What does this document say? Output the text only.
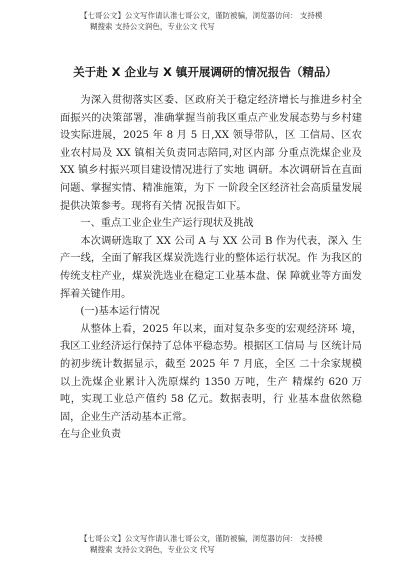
【七哥公文】公文写作请认准七哥公文，谨防被骗，浏览器访问： 支持模
糊搜索 支持公文润色，专业公文 代写
关于赴 X 企业与 X 镇开展调研的情况报告（精品）

为深入贯彻落实区委、区政府关于稳定经济增长与推进乡村全面振兴的决策部署，准确掌握当前我区重点产业发展态势与乡村建设实际进展，2025 年 8 月 5 日,XX 领导带队，区 工信局、区农业农村局及 XX 镇相关负责同志陪同,对区内部 分重点洗煤企业及 XX 镇乡村振兴项目建设情况进行了实地 调研。本次调研旨在直面问题、掌握实情、精准施策，为下 一阶段全区经济社会高质量发展提供决策参考。现将有关情 况报告如下。

一、重点工业企业生产运行现状及挑战

本次调研选取了 XX 公司 A 与 XX 公司 B 作为代表，深入 生产一线，全面了解我区煤炭洗选行业的整体运行状况。作 为我区的传统支柱产业，煤炭洗选业在稳定工业基本盘、保 障就业等方面发挥着关键作用。

(一)基本运行情况

从整体上看，2025 年以来，面对复杂多变的宏观经济环 境，我区工业经济运行保持了总体平稳态势。根据区工信局 与 区统计局的初步统计数据显示，截至 2025 年 7 月底，全区 二十余家规模以上洗煤企业累计入洗原煤约 1350 万吨，生产 精煤约 620 万吨，实现工业总产值约 58 亿元。数据表明，行 业基本盘依然稳固，企业生产活动基本正常。

在与企业负责

【七哥公文】公文写作请认准七哥公文，谨防被骗，浏览器访问： 支持模
糊搜索 支持公文润色，专业公文 代写
